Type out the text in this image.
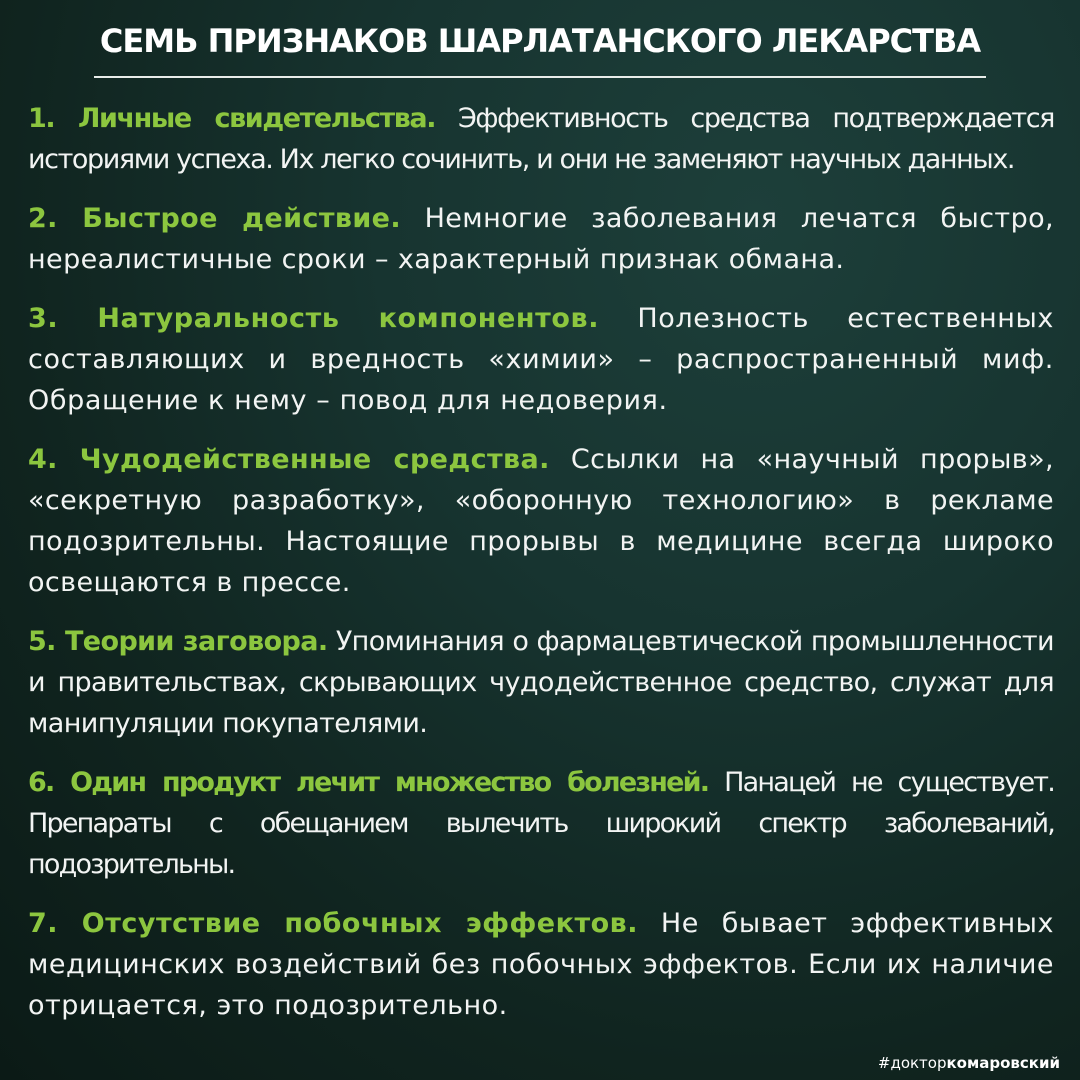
СЕМЬ ПРИЗНАКОВ ШАРЛАТАНСКОГО ЛЕКАРСТВА

1. Личные свидетельства. Эффективность средства подтверждается историями успеха. Их легко сочинить, и они не заменяют научных данных.

2. Быстрое действие. Немногие заболевания лечатся быстро, нереалистичные сроки – характерный признак обмана.

3. Натуральность компонентов. Полезность естественных составляющих и вредность «химии» – распространенный миф. Обращение к нему – повод для недоверия.

4. Чудодейственные средства. Ссылки на «научный прорыв», «секретную разработку», «оборонную технологию» в рекламе подозрительны. Настоящие прорывы в медицине всегда широко освещаются в прессе.

5. Теории заговора. Упоминания о фармацевтической промышленности и правительствах, скрывающих чудодейственное средство, служат для манипуляции покупателями.

6. Один продукт лечит множество болезней. Панацей не существует. Препараты с обещанием вылечить широкий спектр заболеваний, подозрительны.

7. Отсутствие побочных эффектов. Не бывает эффективных медицинских воздействий без побочных эффектов. Если их наличие отрицается, это подозрительно.

#докторкомаровский
